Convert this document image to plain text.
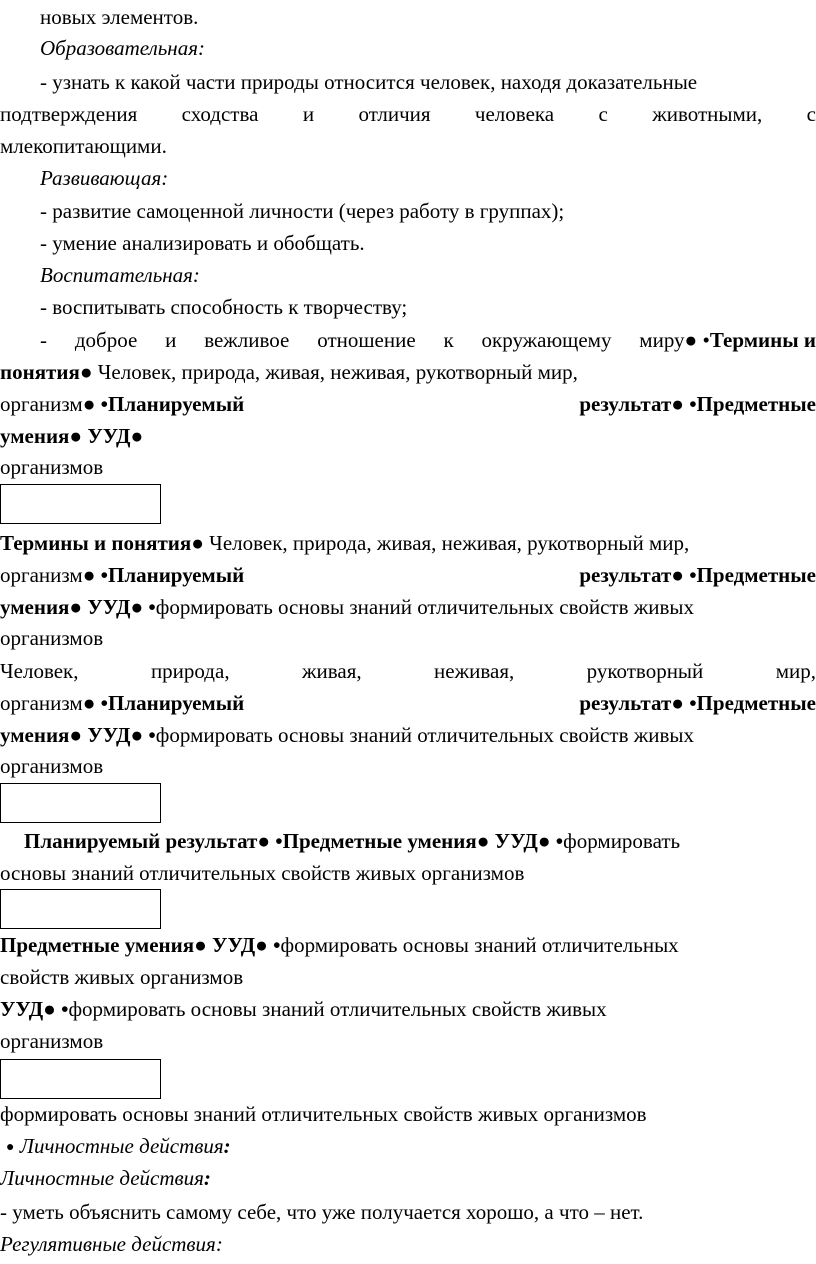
новых элементов.
Образовательная:
- узнать к какой части природы относится человек, находя доказательные
подтверждения сходства и отличия человека с животными, с
млекопитающими.
Развивающая:
- развитие самоценной личности (через работу в группах);
- умение анализировать и обобщать.
Воспитательная:
- воспитывать способность к творчеству;
- доброе и вежливое отношение к окружающему миру● •Термины и
понятия● Человек, природа, живая, неживая, рукотворный мир,
организм● •Планируемый	результат● •Предметные
умения● УУД●
организмов
Термины и понятия● Человек, природа, живая, неживая, рукотворный мир,
организм● •Планируемый	результат● •Предметные
умения● УУД● •формировать основы знаний отличительных свойств живых
организмов
Человек,	природа,	живая,	неживая,	рукотворный	мир,
организм● •Планируемый	результат● •Предметные
умения● УУД● •формировать основы знаний отличительных свойств живых
организмов
Планируемый результат● •Предметные умения● УУД● •формировать
основы знаний отличительных свойств живых организмов
Предметные умения● УУД● •формировать основы знаний отличительных
свойств живых организмов
УУД● •формировать основы знаний отличительных свойств живых
организмов
формировать основы знаний отличительных свойств живых организмов
● Личностные действия:
Личностные действия:
- уметь объяснить самому себе, что уже получается хорошо, а что – нет.
Регулятивные действия:
